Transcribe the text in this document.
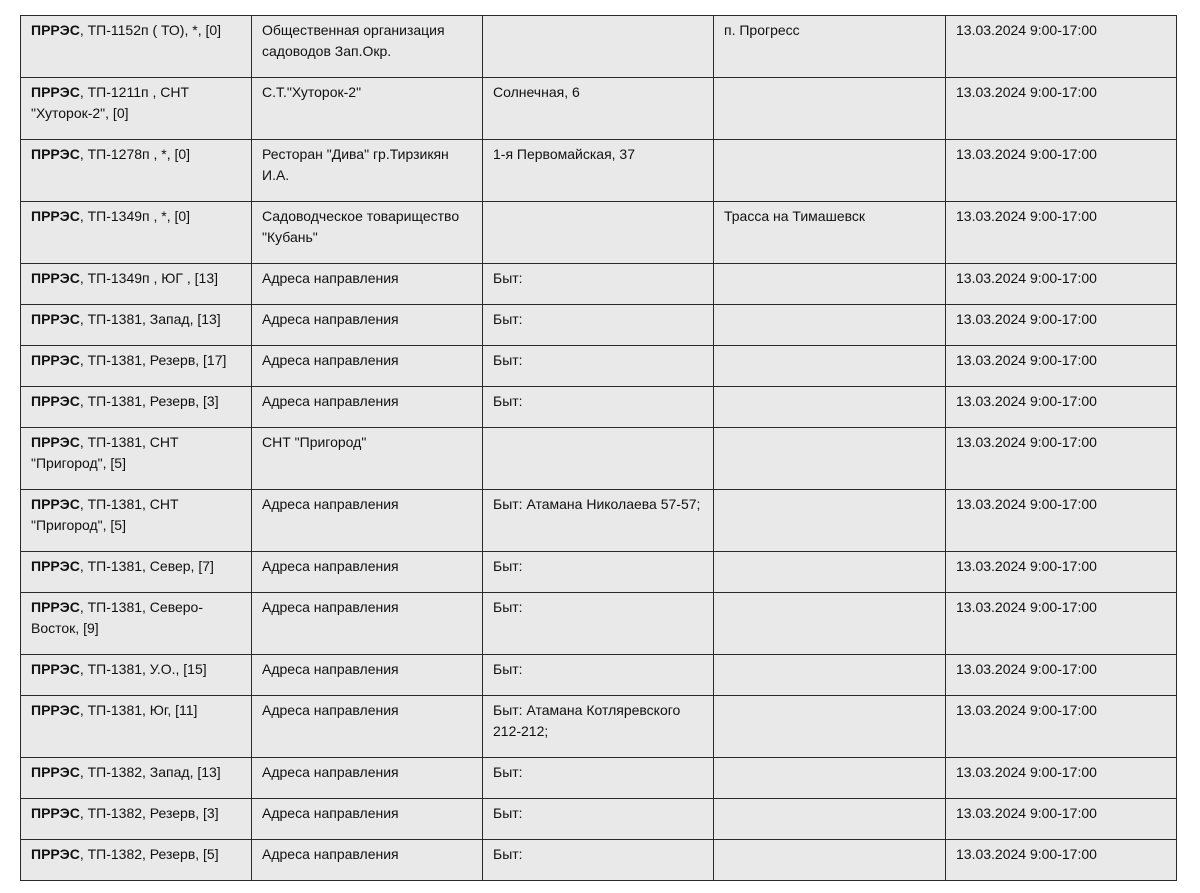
ПРРЭС, ТП-1152п ( ТО), *, [0]	Общественная организация садоводов Зап.Окр.		п. Прогресс	13.03.2024 9:00-17:00
ПРРЭС, ТП-1211п , СНТ "Хуторок-2", [0]	С.Т."Хуторок-2"	Солнечная, 6		13.03.2024 9:00-17:00
ПРРЭС, ТП-1278п , *, [0]	Ресторан "Дива" гр.Тирзикян И.А.	1-я Первомайская, 37		13.03.2024 9:00-17:00
ПРРЭС, ТП-1349п , *, [0]	Садоводческое товарищество "Кубань"		Трасса на Тимашевск	13.03.2024 9:00-17:00
ПРРЭС, ТП-1349п , ЮГ , [13]	Адреса направления	Быт:		13.03.2024 9:00-17:00
ПРРЭС, ТП-1381, Запад, [13]	Адреса направления	Быт:		13.03.2024 9:00-17:00
ПРРЭС, ТП-1381, Резерв, [17]	Адреса направления	Быт:		13.03.2024 9:00-17:00
ПРРЭС, ТП-1381, Резерв, [3]	Адреса направления	Быт:		13.03.2024 9:00-17:00
ПРРЭС, ТП-1381, СНТ "Пригород", [5]	СНТ "Пригород"			13.03.2024 9:00-17:00
ПРРЭС, ТП-1381, СНТ "Пригород", [5]	Адреса направления	Быт: Атамана Николаева 57-57;		13.03.2024 9:00-17:00
ПРРЭС, ТП-1381, Север, [7]	Адреса направления	Быт:		13.03.2024 9:00-17:00
ПРРЭС, ТП-1381, Северо-Восток, [9]	Адреса направления	Быт:		13.03.2024 9:00-17:00
ПРРЭС, ТП-1381, У.О., [15]	Адреса направления	Быт:		13.03.2024 9:00-17:00
ПРРЭС, ТП-1381, Юг, [11]	Адреса направления	Быт: Атамана Котляревского 212-212;		13.03.2024 9:00-17:00
ПРРЭС, ТП-1382, Запад, [13]	Адреса направления	Быт:		13.03.2024 9:00-17:00
ПРРЭС, ТП-1382, Резерв, [3]	Адреса направления	Быт:		13.03.2024 9:00-17:00
ПРРЭС, ТП-1382, Резерв, [5]	Адреса направления	Быт:		13.03.2024 9:00-17:00
